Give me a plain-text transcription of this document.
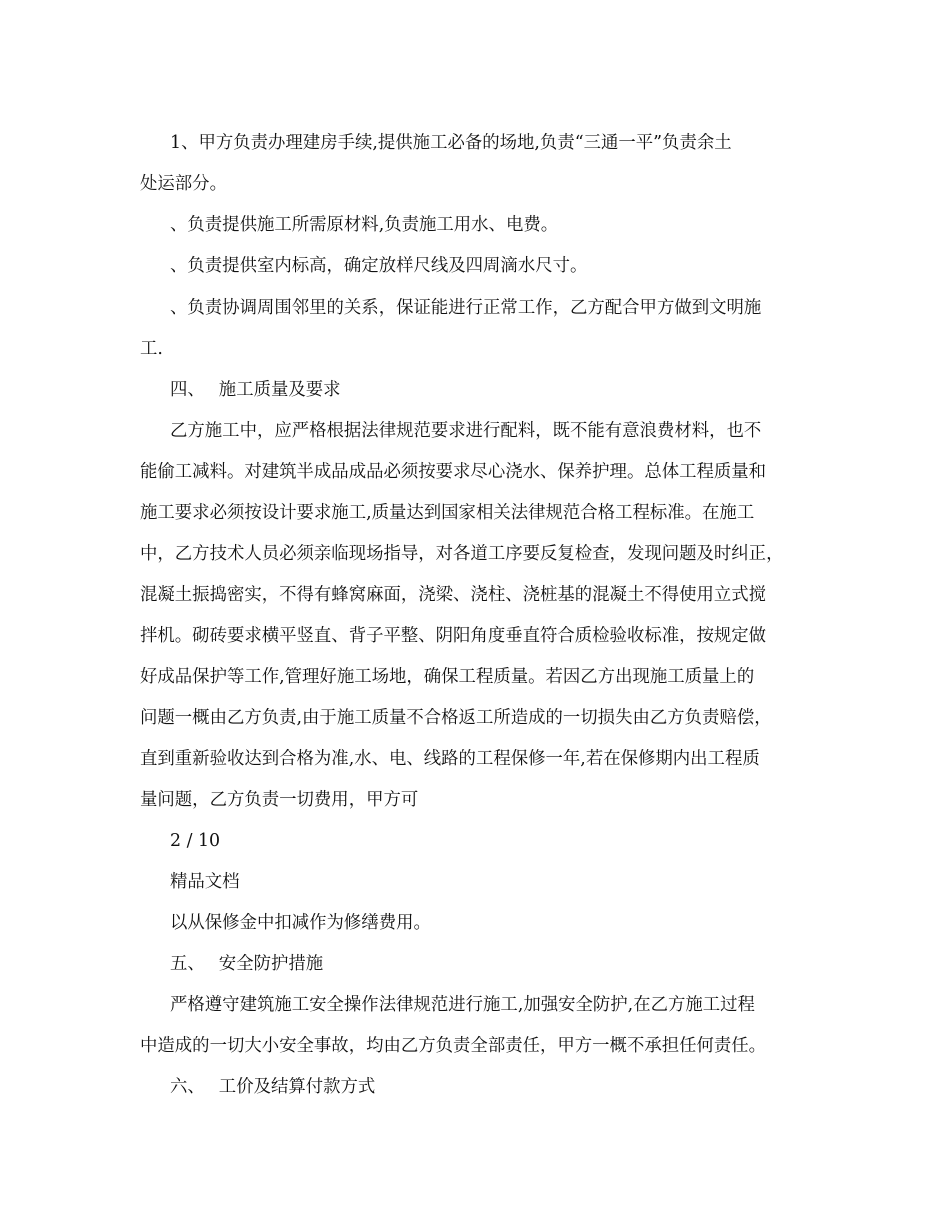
1、甲方负责办理建房手续,提供施工必备的场地,负责“三通一平”负责余土
处运部分。
、负责提供施工所需原材料,负责施工用水、电费。
、负责提供室内标高，确定放样尺线及四周滴水尺寸。
、负责协调周围邻里的关系，保证能进行正常工作，乙方配合甲方做到文明施
工.
四、 施工质量及要求
乙方施工中，应严格根据法律规范要求进行配料，既不能有意浪费材料，也不
能偷工减料。对建筑半成品成品必须按要求尽心浇水、保养护理。总体工程质量和
施工要求必须按设计要求施工,质量达到国家相关法律规范合格工程标准。在施工
中，乙方技术人员必须亲临现场指导，对各道工序要反复检查，发现问题及时纠正，
混凝土振捣密实，不得有蜂窝麻面，浇梁、浇柱、浇桩基的混凝土不得使用立式搅
拌机。砌砖要求横平竖直、背子平整、阴阳角度垂直符合质检验收标准，按规定做
好成品保护等工作,管理好施工场地，确保工程质量。若因乙方出现施工质量上的
问题一概由乙方负责,由于施工质量不合格返工所造成的一切损失由乙方负责赔偿，
直到重新验收达到合格为准,水、电、线路的工程保修一年,若在保修期内出工程质
量问题，乙方负责一切费用，甲方可
2 / 10
精品文档
以从保修金中扣减作为修缮费用。
五、 安全防护措施
严格遵守建筑施工安全操作法律规范进行施工,加强安全防护,在乙方施工过程
中造成的一切大小安全事故，均由乙方负责全部责任，甲方一概不承担任何责任。
六、 工价及结算付款方式
